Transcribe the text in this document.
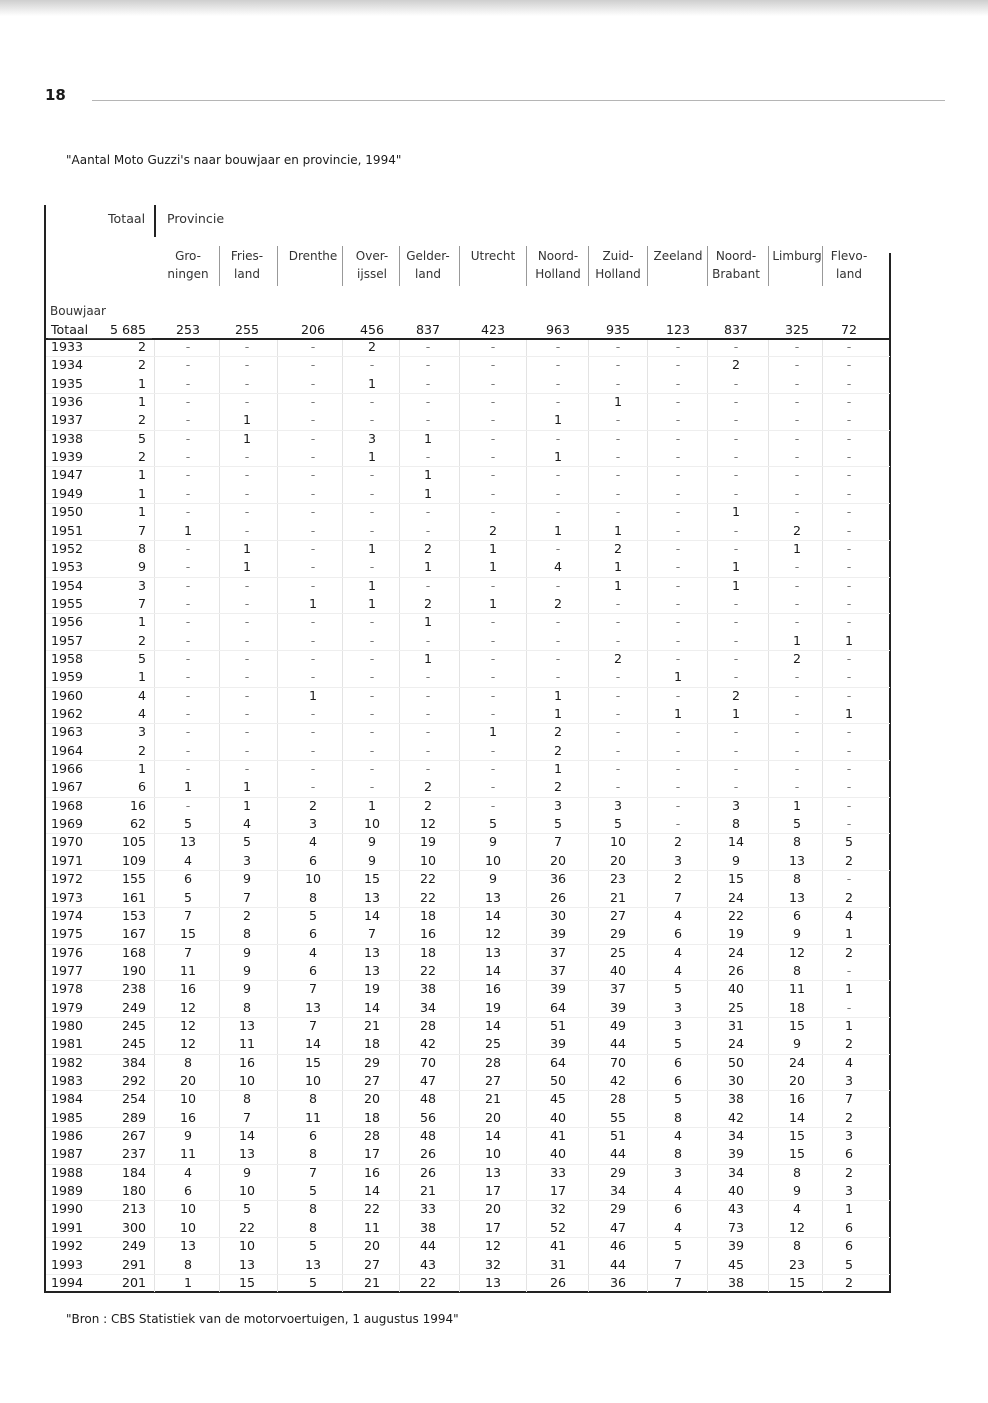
18
"Aantal Moto Guzzi's naar bouwjaar en provincie, 1994"
Totaal Provincie
Bouwjaar
Gro-
ningen
Fries-
land
Drenthe	Over-
ijssel
Gelder-
land
Utrecht	Noord-
Holland
Zuid-
Holland
Zeeland	Noord-
Brabant
Limburg Flevo-
land
Totaal	5 685	253	255	206	456	837	423	963	935	123	837	325	72
1933	2	-	-	-	2	-	-	-	-	-	-	-	-
1934	2	-	-	-	-	-	-	-	-	-	2	-	-
1935	1	-	-	-	1	-	-	-	-	-	-	-	-
1936	1	-	-	-	-	-	-	-	1	-	-	-	-
1937	2	-	1	-	-	-	-	1	-	-	-	-	-
1938	5	-	1	-	3	1	-	-	-	-	-	-	-
1939	2	-	-	-	1	-	-	1	-	-	-	-	-
1947	1	-	-	-	-	1	-	-	-	-	-	-	-
1949	1	-	-	-	-	1	-	-	-	-	-	-	-
1950	1	-	-	-	-	-	-	-	-	-	1	-	-
1951	7	1	-	-	-	-	2	1	1	-	-	2	-
1952	8	-	1	-	1	2	1	-	2	-	-	1	-
1953	9	-	1	-	-	1	1	4	1	-	1	-	-
1954	3	-	-	-	1	-	-	-	1	-	1	-	-
1955	7	-	-	1	1	2	1	2	-	-	-	-	-
1956	1	-	-	-	-	1	-	-	-	-	-	-	-
1957	2	-	-	-	-	-	-	-	-	-	-	1	1
1958	5	-	-	-	-	1	-	-	2	-	-	2	-
1959	1	-	-	-	-	-	-	-	-	1	-	-	-
1960	4	-	-	1	-	-	-	1	-	-	2	-	-
1962	4	-	-	-	-	-	-	1	-	1	1	-	1
1963	3	-	-	-	-	-	1	2	-	-	-	-	-
1964	2	-	-	-	-	-	-	2	-	-	-	-	-
1966	1	-	-	-	-	-	-	1	-	-	-	-	-
1967	6	1	1	-	-	2	-	2	-	-	-	-	-
1968	16	-	1	2	1	2	-	3	3	-	3	1	-
1969	62	5	4	3	10	12	5	5	5	-	8	5	-
1970	105	13	5	4	9	19	9	7	10	2	14	8	5
1971	109	4	3	6	9	10	10	20	20	3	9	13	2
1972	155	6	9	10	15	22	9	36	23	2	15	8	-
1973	161	5	7	8	13	22	13	26	21	7	24	13	2
1974	153	7	2	5	14	18	14	30	27	4	22	6	4
1975	167	15	8	6	7	16	12	39	29	6	19	9	1
1976	168	7	9	4	13	18	13	37	25	4	24	12	2
1977	190	11	9	6	13	22	14	37	40	4	26	8	-
1978	238	16	9	7	19	38	16	39	37	5	40	11	1
1979	249	12	8	13	14	34	19	64	39	3	25	18	-
1980	245	12	13	7	21	28	14	51	49	3	31	15	1
1981	245	12	11	14	18	42	25	39	44	5	24	9	2
1982	384	8	16	15	29	70	28	64	70	6	50	24	4
1983	292	20	10	10	27	47	27	50	42	6	30	20	3
1984	254	10	8	8	20	48	21	45	28	5	38	16	7
1985	289	16	7	11	18	56	20	40	55	8	42	14	2
1986	267	9	14	6	28	48	14	41	51	4	34	15	3
1987	237	11	13	8	17	26	10	40	44	8	39	15	6
1988	184	4	9	7	16	26	13	33	29	3	34	8	2
1989	180	6	10	5	14	21	17	17	34	4	40	9	3
1990	213	10	5	8	22	33	20	32	29	6	43	4	1
1991	300	10	22	8	11	38	17	52	47	4	73	12	6
1992	249	13	10	5	20	44	12	41	46	5	39	8	6
1993	291	8	13	13	27	43	32	31	44	7	45	23	5
1994	201	1	15	5	21	22	13	26	36	7	38	15	2
"Bron : CBS Statistiek van de motorvoertuigen, 1 augustus 1994"
